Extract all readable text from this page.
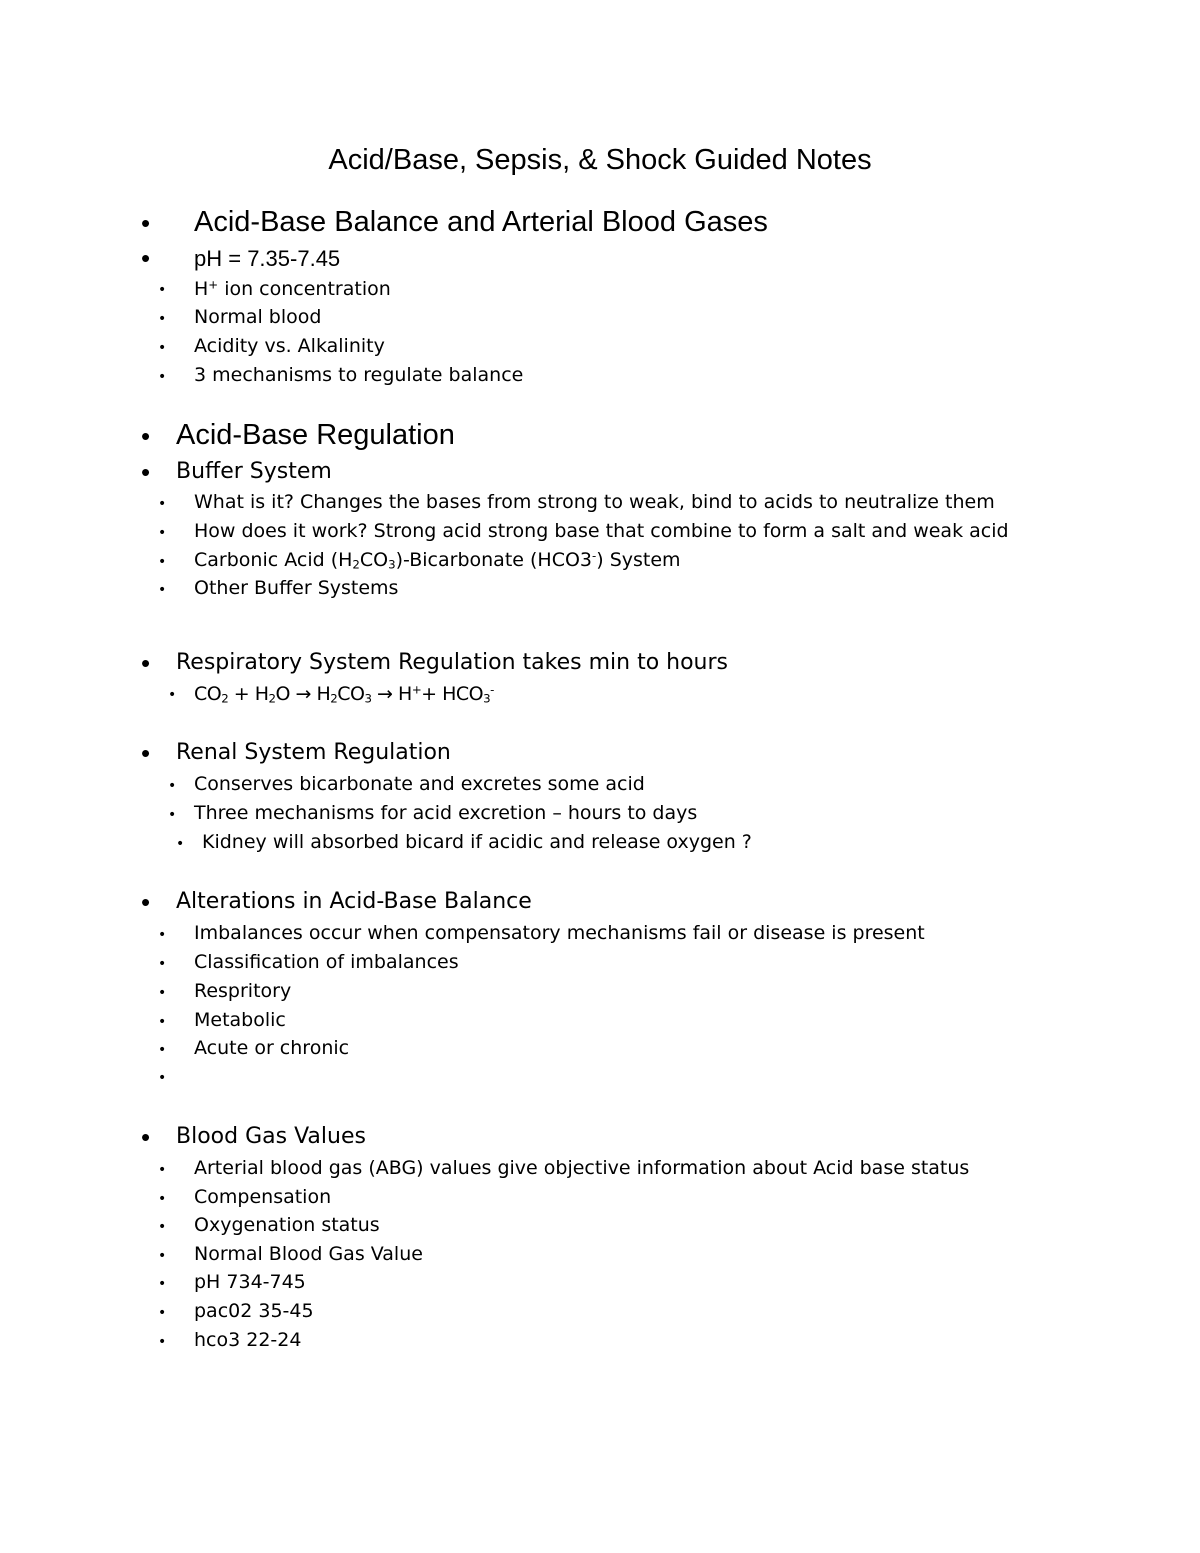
Acid/Base, Sepsis, & Shock Guided Notes
• Acid-Base Balance and Arterial Blood Gases
• pH = 7.35-7.45
• H+ ion concentration
• Normal blood
• Acidity vs. Alkalinity
• 3 mechanisms to regulate balance
• Acid-Base Regulation
• Buffer System
• What is it? Changes the bases from strong to weak, bind to acids to neutralize them
• How does it work? Strong acid strong base that combine to form a salt and weak acid
• Carbonic Acid $(H_2CO_3)$-Bicarbonate (HCO3-) System
• Other Buffer Systems
• Respiratory System Regulation takes min to hours
• $CO_2 + H_2O \to H_2CO_3 \to H^++ HCO_3^-$
• Renal System Regulation
• Conserves bicarbonate and excretes some acid
• Three mechanisms for acid excretion – hours to days
• Kidney will absorbed bicard if acidic and release oxygen ?
• Alterations in Acid-Base Balance
• Imbalances occur when compensatory mechanisms fail or disease is present
• Classification of imbalances
• Respritory
• Metabolic
• Acute or chronic
•
• Blood Gas Values
• Arterial blood gas (ABG) values give objective information about Acid base status
• Compensation
• Oxygenation status
• Normal Blood Gas Value
• pH 734-745
• pac02 35-45
• hco3 22-24
